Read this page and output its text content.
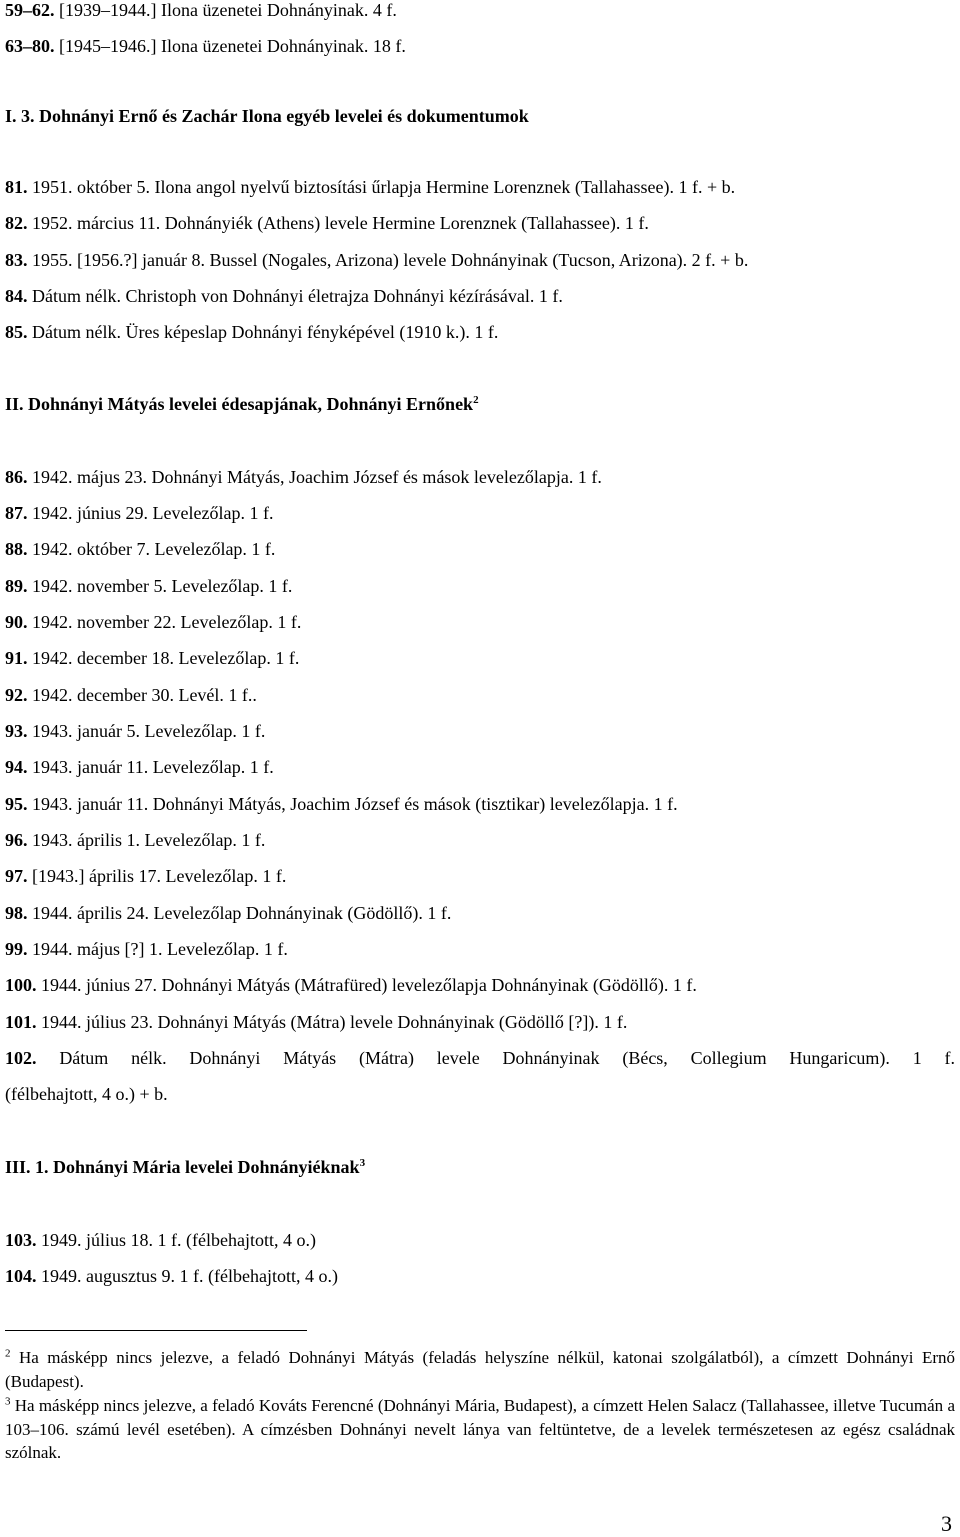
59–62. [1939–1944.] Ilona üzenetei Dohnányinak. 4 f.
63–80. [1945–1946.] Ilona üzenetei Dohnányinak. 18 f.
I. 3. Dohnányi Ernő és Zachár Ilona egyéb levelei és dokumentumok
81. 1951. október 5. Ilona angol nyelvű biztosítási űrlapja Hermine Lorenznek (Tallahassee). 1 f. + b.
82. 1952. március 11. Dohnányiék (Athens) levele Hermine Lorenznek (Tallahassee). 1 f.
83. 1955. [1956.?] január 8. Bussel (Nogales, Arizona) levele Dohnányinak (Tucson, Arizona). 2 f. + b.
84. Dátum nélk. Christoph von Dohnányi életrajza Dohnányi kézírásával. 1 f.
85. Dátum nélk. Üres képeslap Dohnányi fényképével (1910 k.). 1 f.
II. Dohnányi Mátyás levelei édesapjának, Dohnányi Ernőnek$^2$
86. 1942. május 23. Dohnányi Mátyás, Joachim József és mások levelezőlapja. 1 f.
87. 1942. június 29. Levelezőlap. 1 f.
88. 1942. október 7. Levelezőlap. 1 f.
89. 1942. november 5. Levelezőlap. 1 f.
90. 1942. november 22. Levelezőlap. 1 f.
91. 1942. december 18. Levelezőlap. 1 f.
92. 1942. december 30. Levél. 1 f..
93. 1943. január 5. Levelezőlap. 1 f.
94. 1943. január 11. Levelezőlap. 1 f.
95. 1943. január 11. Dohnányi Mátyás, Joachim József és mások (tisztikar) levelezőlapja. 1 f.
96. 1943. április 1. Levelezőlap. 1 f.
97. [1943.] április 17. Levelezőlap. 1 f.
98. 1944. április 24. Levelezőlap Dohnányinak (Gödöllő). 1 f.
99. 1944. május [?] 1. Levelezőlap. 1 f.
100. 1944. június 27. Dohnányi Mátyás (Mátrafüred) levelezőlapja Dohnányinak (Gödöllő). 1 f.
101. 1944. július 23. Dohnányi Mátyás (Mátra) levele Dohnányinak (Gödöllő [?]). 1 f.
102. Dátum nélk. Dohnányi Mátyás (Mátra) levele Dohnányinak (Bécs, Collegium Hungaricum). 1 f.
(félbehajtott, 4 o.) + b.
III. 1. Dohnányi Mária levelei Dohnányiéknak$^3$
103. 1949. július 18. 1 f. (félbehajtott, 4 o.)
104. 1949. augusztus 9. 1 f. (félbehajtott, 4 o.)
$^2$ Ha másképp nincs jelezve, a feladó Dohnányi Mátyás (feladás helyszíne nélkül, katonai szolgálatból), a címzett Dohnányi Ernő (Budapest).
$^3$ Ha másképp nincs jelezve, a feladó Kováts Ferencné (Dohnányi Mária, Budapest), a címzett Helen Salacz (Tallahassee, illetve Tucumán a 103–106. számú levél esetében). A címzésben Dohnányi nevelt lánya van feltüntetve, de a levelek természetesen az egész családnak szólnak.
3
